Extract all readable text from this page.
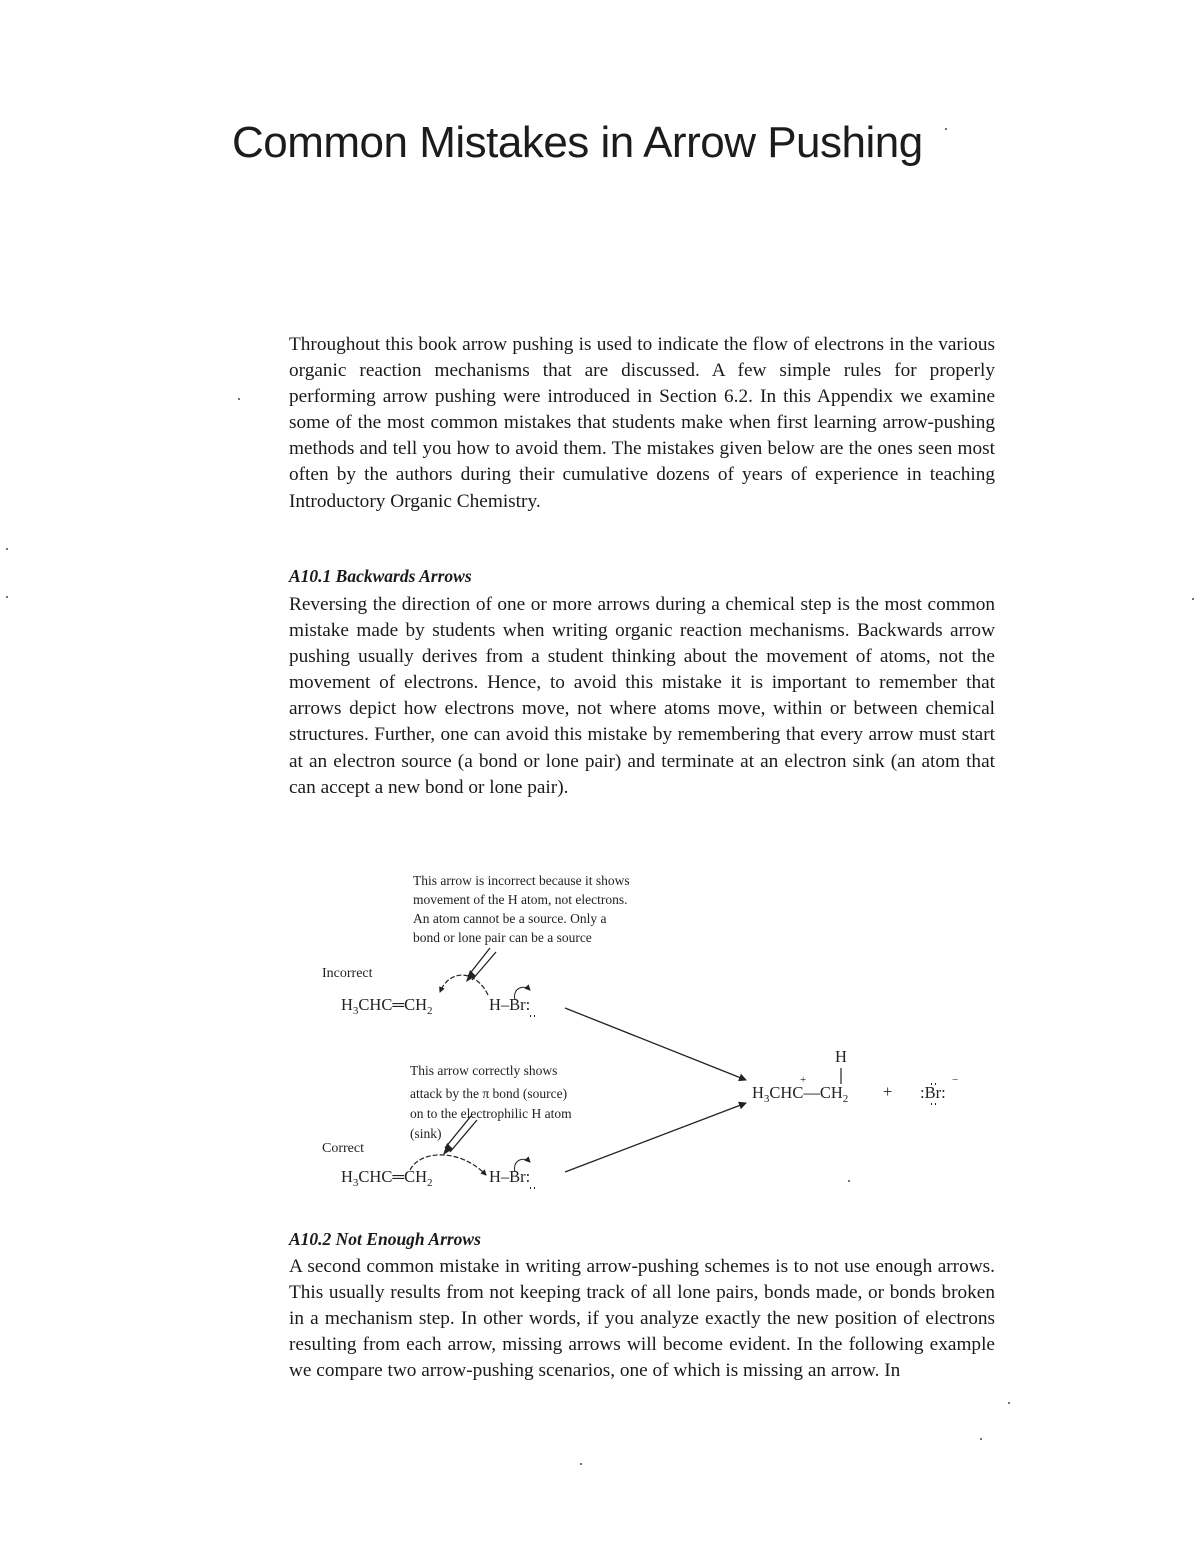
Common Mistakes in Arrow Pushing

Throughout this book arrow pushing is used to indicate the flow of electrons in the various organic reaction mechanisms that are discussed. A few simple rules for properly performing arrow pushing were introduced in Section 6.2. In this Appendix we examine some of the most common mistakes that students make when first learning arrow-pushing methods and tell you how to avoid them. The mistakes given below are the ones seen most often by the authors during their cumulative dozens of years of experience in teaching Introductory Organic Chemistry.

A10.1 Backwards Arrows

Reversing the direction of one or more arrows during a chemical step is the most common mistake made by students when writing organic reaction mechanisms. Backwards arrow pushing usually derives from a student thinking about the movement of atoms, not the movement of electrons. Hence, to avoid this mistake it is important to remember that arrows depict how electrons move, not where atoms move, within or between chemical structures. Further, one can avoid this mistake by remembering that every arrow must start at an electron source (a bond or lone pair) and terminate at an electron sink (an atom that can accept a new bond or lone pair).

This arrow is incorrect because it shows
movement of the H atom, not electrons.
An atom cannot be a source. Only a
bond or lone pair can be a source
Incorrect
$H_3CHC═CH_2$	H–Br:
H
$H_3CHC—CH_2$
+
+ :Br:
−
This arrow correctly shows
attack by the π bond (source)
on to the electrophilic H atom
(sink)
Correct
$H_3CHC═CH_2$	H–Br:
A10.2 Not Enough Arrows

A second common mistake in writing arrow-pushing schemes is to not use enough arrows. This usually results from not keeping track of all lone pairs, bonds made, or bonds broken in a mechanism step. In other words, if you analyze exactly the new position of electrons resulting from each arrow, missing arrows will become evident. In the following example we compare two arrow-pushing scenarios, one of which is missing an arrow. In
